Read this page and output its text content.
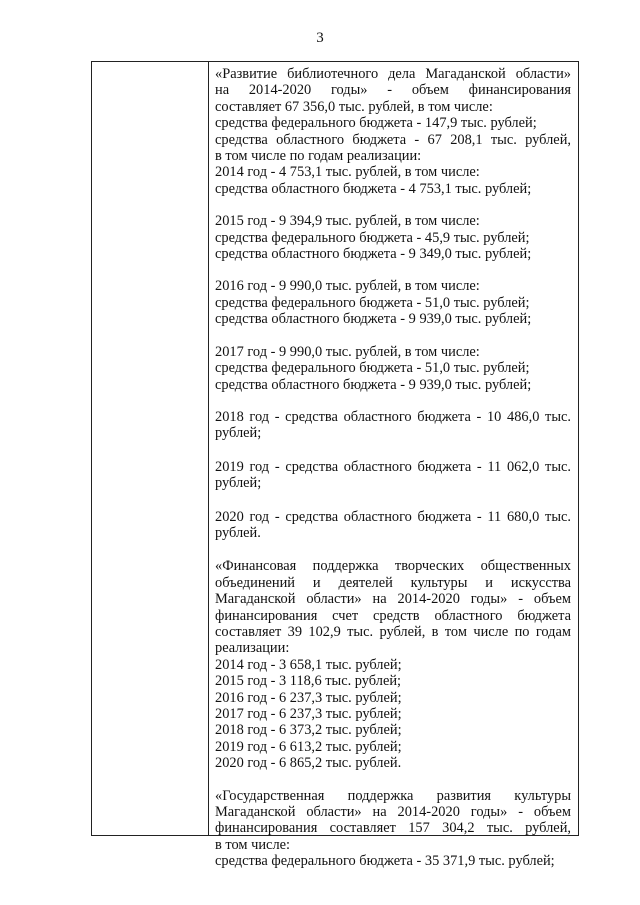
3
«Развитие библиотечного дела Магаданской области»
на 2014-2020 годы» - объем финансирования
составляет 67 356,0 тыс. рублей, в том числе:
средства федерального бюджета - 147,9 тыс. рублей;
средства областного бюджета - 67 208,1 тыс. рублей,
в том числе по годам реализации:
2014 год - 4 753,1 тыс. рублей, в том числе:
средства областного бюджета - 4 753,1 тыс. рублей;
2015 год - 9 394,9 тыс. рублей, в том числе:
средства федерального бюджета - 45,9 тыс. рублей;
средства областного бюджета - 9 349,0 тыс. рублей;
2016 год - 9 990,0 тыс. рублей, в том числе:
средства федерального бюджета - 51,0 тыс. рублей;
средства областного бюджета - 9 939,0 тыс. рублей;
2017 год - 9 990,0 тыс. рублей, в том числе:
средства федерального бюджета - 51,0 тыс. рублей;
средства областного бюджета - 9 939,0 тыс. рублей;
2018 год - средства областного бюджета - 10 486,0 тыс.
рублей;
2019 год - средства областного бюджета - 11 062,0 тыс.
рублей;
2020 год - средства областного бюджета - 11 680,0 тыс.
рублей.
«Финансовая поддержка творческих общественных
объединений и деятелей культуры и искусства
Магаданской области» на 2014-2020 годы» - объем
финансирования счет средств областного бюджета
составляет 39 102,9 тыс. рублей, в том числе по годам
реализации:
2014 год - 3 658,1 тыс. рублей;
2015 год - 3 118,6 тыс. рублей;
2016 год - 6 237,3 тыс. рублей;
2017 год - 6 237,3 тыс. рублей;
2018 год - 6 373,2 тыс. рублей;
2019 год - 6 613,2 тыс. рублей;
2020 год - 6 865,2 тыс. рублей.
«Государственная поддержка развития культуры
Магаданской области» на 2014-2020 годы» - объем
финансирования составляет 157 304,2 тыс. рублей,
в том числе:
средства федерального бюджета - 35 371,9 тыс. рублей;
